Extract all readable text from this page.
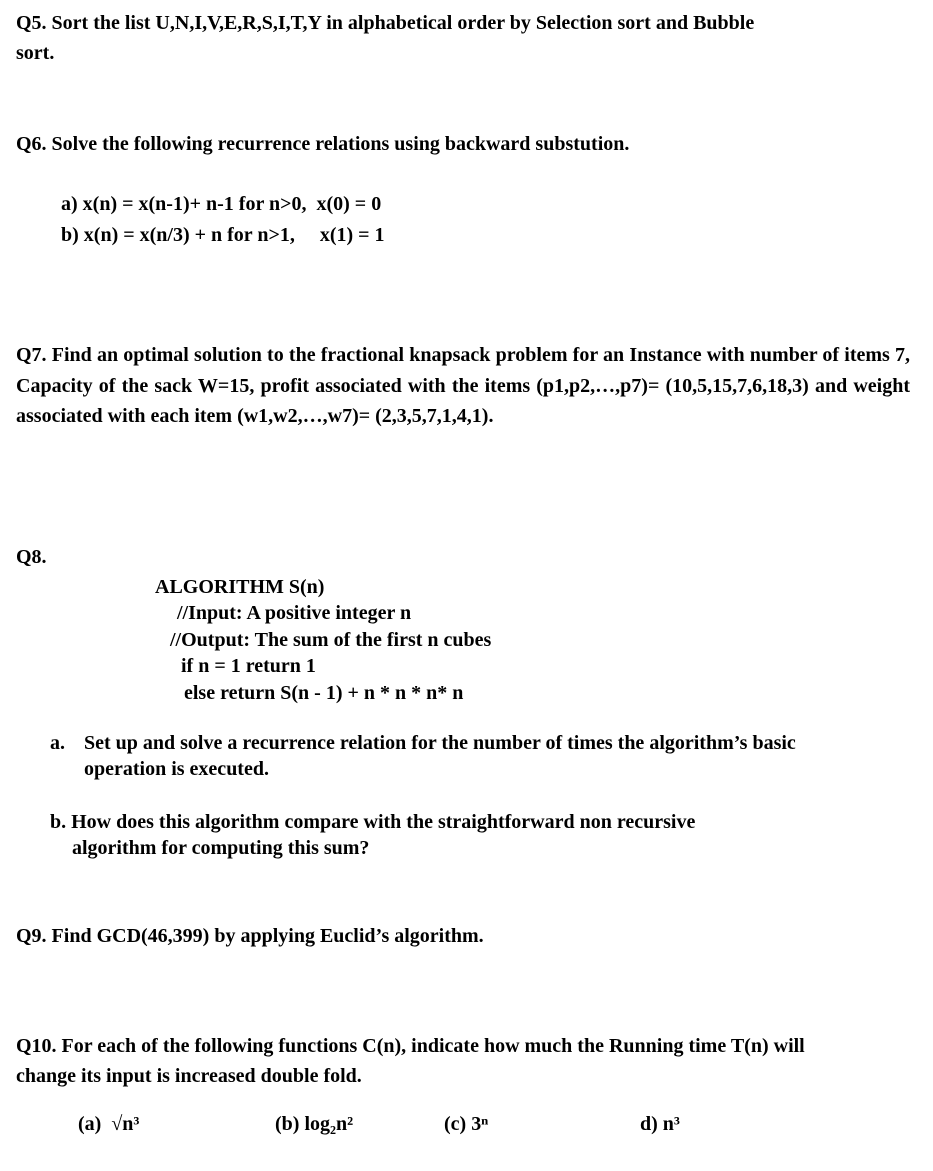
Q5. Sort the list U,N,I,V,E,R,S,I,T,Y in alphabetical order by Selection sort and Bubble
sort.
Q6. Solve the following recurrence relations using backward substution.
a) x(n) = x(n-1)+ n-1 for n>0,  x(0) = 0
b) x(n) = x(n/3) + n for n>1,     x(1) = 1

Q7. Find an optimal solution to the fractional knapsack problem for an Instance with number of items 7, Capacity of the sack W=15, profit associated with the items (p1,p2,…,p7)= (10,5,15,7,6,18,3) and weight associated with each item (w1,w2,…,w7)= (2,3,5,7,1,4,1).

Q8.
ALGORITHM S(n)
//Input: A positive integer n
//Output: The sum of the first n cubes
if n = 1 return 1
else return S(n - 1) + n * n * n* n
a. Set up and solve a recurrence relation for the number of times the algorithm’s basic
operation is executed.
b. How does this algorithm compare with the straightforward non recursive
algorithm for computing this sum?
Q9. Find GCD(46,399) by applying Euclid’s algorithm.
Q10. For each of the following functions C(n), indicate how much the Running time T(n) will
change its input is increased double fold.
(a)  √n³	(b) log₂n²	(c) 3ⁿ	d) n³
